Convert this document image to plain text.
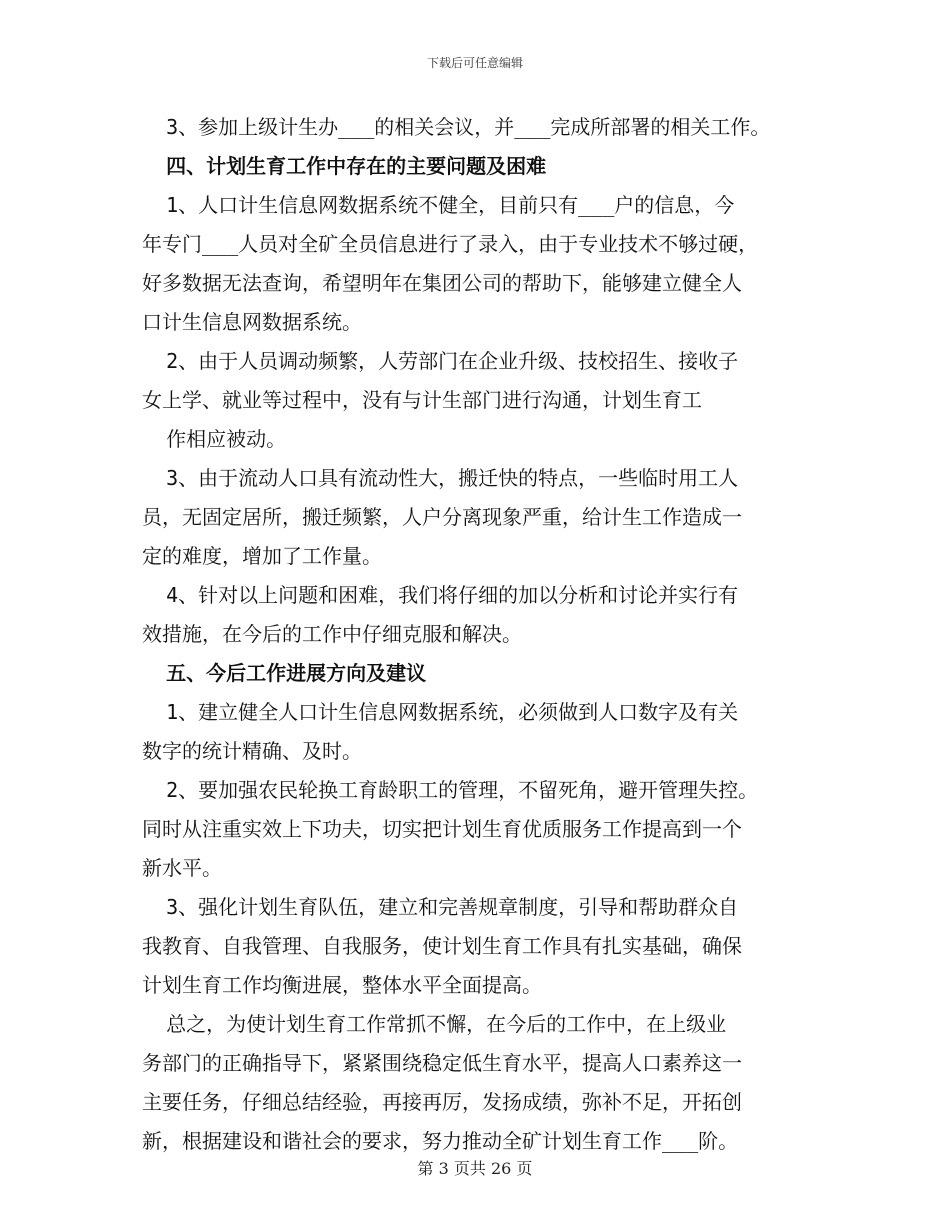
下载后可任意编辑
3、参加上级计生办___的相关会议，并___完成所部署的相关工作。
四、计划生育工作中存在的主要问题及困难
1、人口计生信息网数据系统不健全，目前只有___户的信息，今
年专门___人员对全矿全员信息进行了录入，由于专业技术不够过硬，
好多数据无法查询，希望明年在集团公司的帮助下，能够建立健全人
口计生信息网数据系统。
2、由于人员调动频繁，人劳部门在企业升级、技校招生、接收子
女上学、就业等过程中，没有与计生部门进行沟通，计划生育工
作相应被动。
3、由于流动人口具有流动性大，搬迁快的特点，一些临时用工人
员，无固定居所，搬迁频繁，人户分离现象严重，给计生工作造成一
定的难度，增加了工作量。
4、针对以上问题和困难，我们将仔细的加以分析和讨论并实行有
效措施，在今后的工作中仔细克服和解决。
五、今后工作进展方向及建议
1、建立健全人口计生信息网数据系统，必须做到人口数字及有关
数字的统计精确、及时。
2、要加强农民轮换工育龄职工的管理，不留死角，避开管理失控。
同时从注重实效上下功夫，切实把计划生育优质服务工作提高到一个
新水平。
3、强化计划生育队伍，建立和完善规章制度，引导和帮助群众自
我教育、自我管理、自我服务，使计划生育工作具有扎实基础，确保
计划生育工作均衡进展，整体水平全面提高。
总之，为使计划生育工作常抓不懈，在今后的工作中，在上级业
务部门的正确指导下，紧紧围绕稳定低生育水平，提高人口素养这一
主要任务，仔细总结经验，再接再厉，发扬成绩，弥补不足，开拓创
新，根据建设和谐社会的要求，努力推动全矿计划生育工作___阶。
第 3 页共 26 页
